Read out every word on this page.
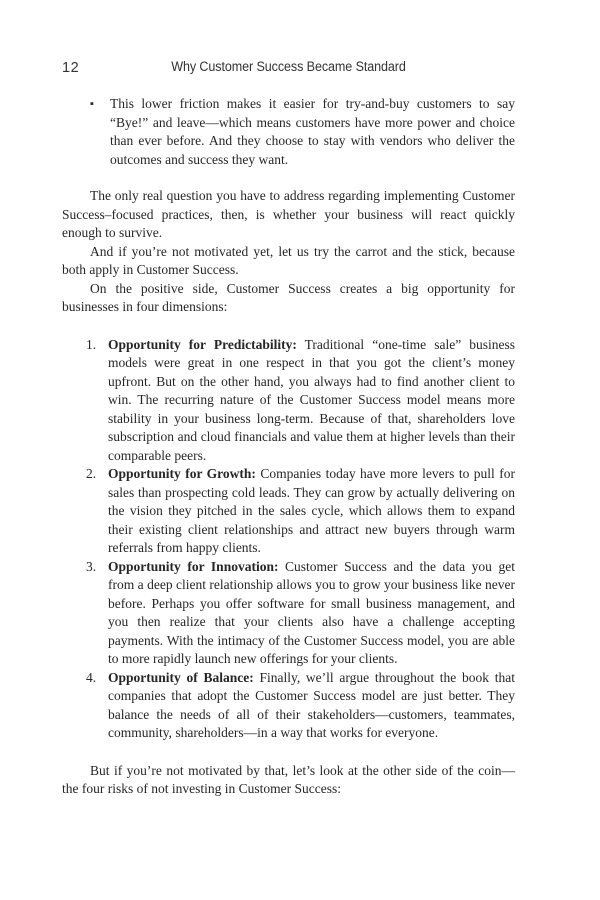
12	Why Customer Success Became Standard
▪ This lower friction makes it easier for try-and-buy customers to say “Bye!” and leave—which means customers have more power and choice than ever before. And they choose to stay with vendors who deliver the outcomes and success they want.

The only real question you have to address regarding implementing Customer Success–focused practices, then, is whether your business will react quickly enough to survive.

And if you’re not motivated yet, let us try the carrot and the stick, because both apply in Customer Success.

On the positive side, Customer Success creates a big opportunity for businesses in four dimensions:

1. Opportunity for Predictability: Traditional “one-time sale” business models were great in one respect in that you got the client’s money upfront. But on the other hand, you always had to find another client to win. The recurring nature of the Customer Success model means more stability in your business long-term. Because of that, shareholders love subscription and cloud financials and value them at higher levels than their comparable peers.
2. Opportunity for Growth: Companies today have more levers to pull for sales than prospecting cold leads. They can grow by actually delivering on the vision they pitched in the sales cycle, which allows them to expand their existing client relationships and attract new buyers through warm referrals from happy clients.
3. Opportunity for Innovation: Customer Success and the data you get from a deep client relationship allows you to grow your business like never before. Perhaps you offer software for small business management, and you then realize that your clients also have a challenge accepting payments. With the intimacy of the Customer Success model, you are able to more rapidly launch new offerings for your clients.
4. Opportunity of Balance: Finally, we’ll argue throughout the book that companies that adopt the Customer Success model are just better. They balance the needs of all of their stakeholders—customers, teammates, community, shareholders—in a way that works for everyone.

But if you’re not motivated by that, let’s look at the other side of the coin—the four risks of not investing in Customer Success:
